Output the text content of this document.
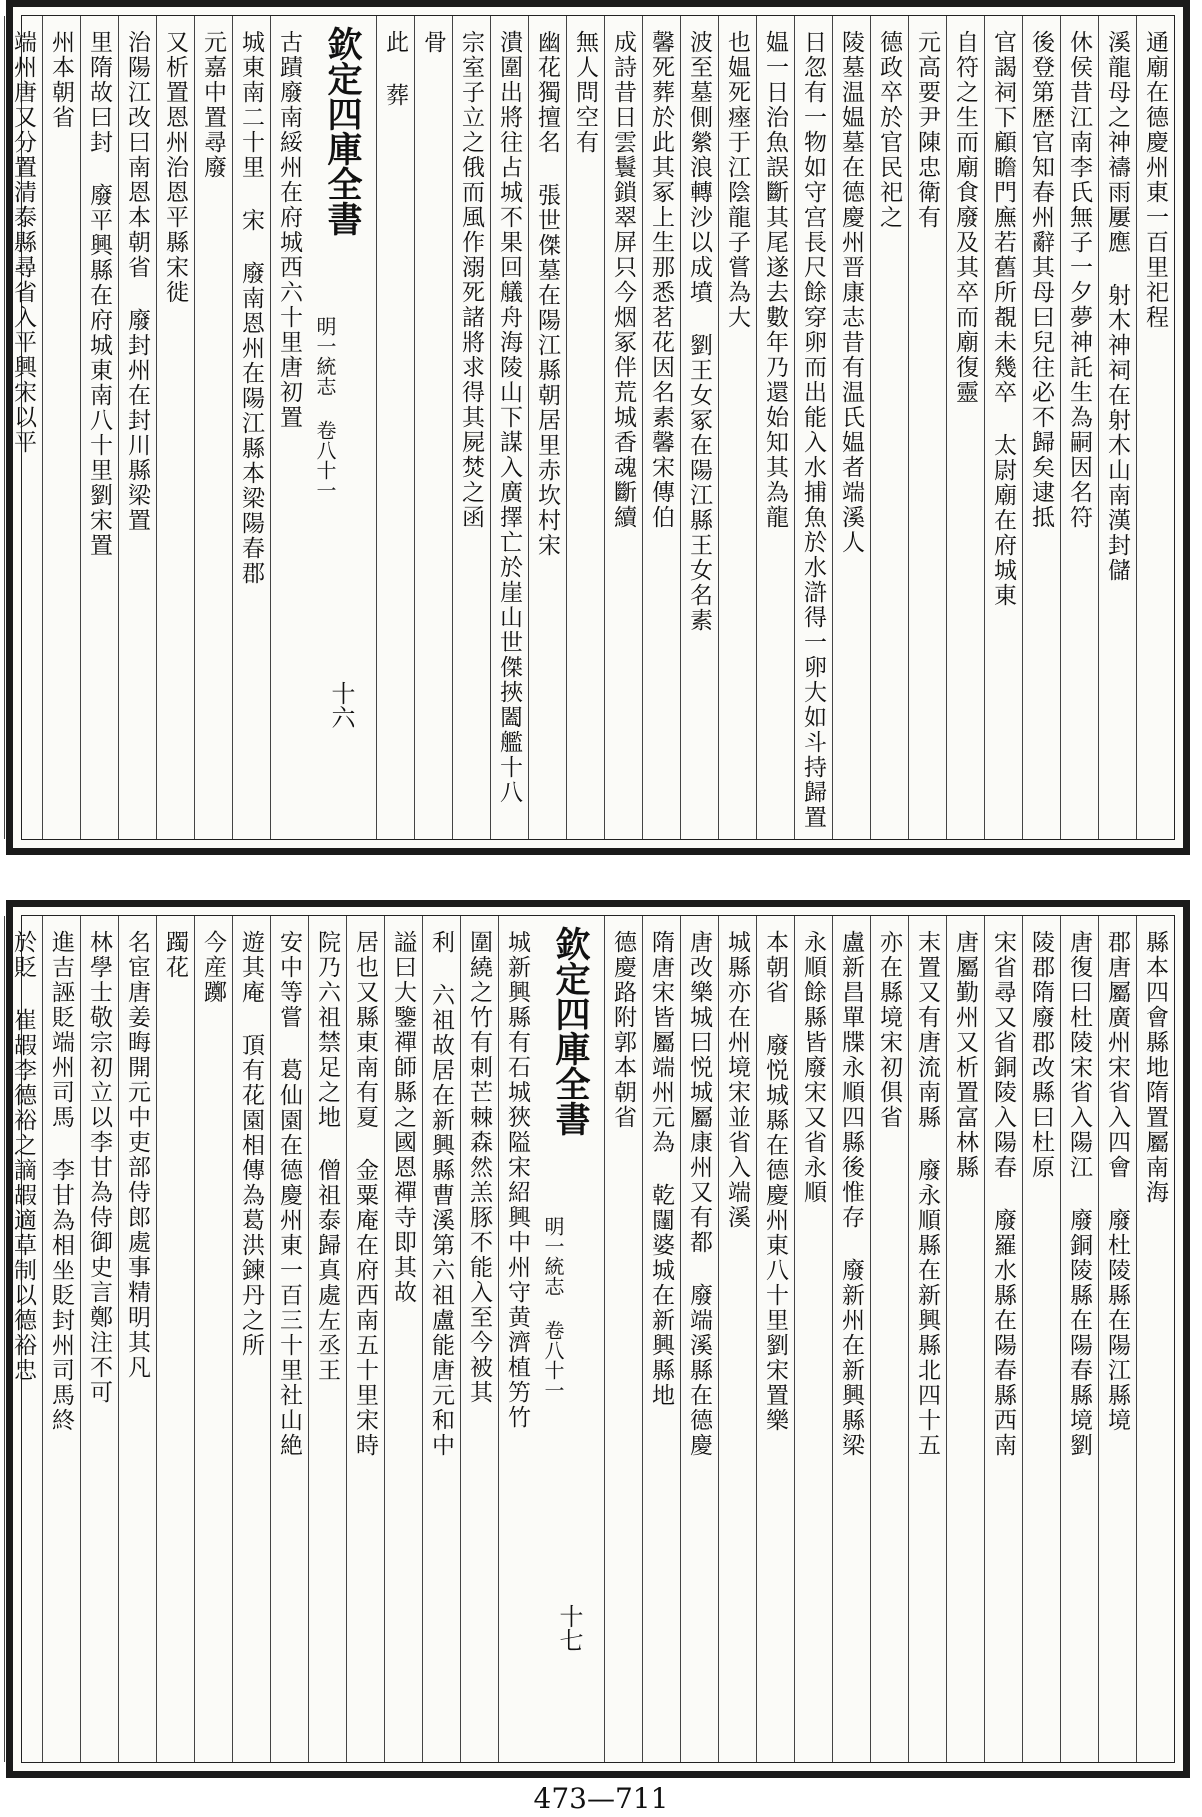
通廟在德慶州東一百里祀程
溪龍母之神禱雨屢應 射木神祠在射木山南漢封儲
休侯昔江南李氏無子一夕夢神託生為嗣因名符
後登第歴官知春州辭其母曰兒往必不歸矣逮抵
官謁祠下顧瞻門廡若舊所覩未幾卒 太尉廟在府城東
自符之生而廟食廢及其卒而廟復靈
元高要尹陳忠衛有
德政卒於官民祀之
陵墓温媪墓在德慶州晋康志昔有温氏媪者端溪人
日忽有一物如守宫長尺餘穿卵而出能入水捕魚於水滸得一卵大如斗持歸置
媪一日治魚誤斷其尾遂去數年乃還始知其為龍
也媪死瘞于江陰龍子嘗為大
波至墓側縈浪轉沙以成墳 劉王女冢在陽江縣王女名素
馨死葬於此其冢上生那悉茗花因名素馨宋傳伯
成詩昔日雲鬟鎖翠屏只今烟冢伴荒城香魂斷續
無人問空有
幽花獨擅名 張世傑墓在陽江縣朝居里赤坎村宋
潰圍出將往占城不果回艤舟海陵山下謀入廣擇亡於崖山世傑挾闔艦十八
宗室子立之俄而風作溺死諸將求得其屍焚之函
骨
此 葬
欽定四庫全書
明一統志 卷八十一
十六
古蹟廢南綏州在府城西六十里唐初置
城東南二十里 宋 廢南恩州在陽江縣本梁陽春郡
元嘉中置尋廢
又析置恩州治恩平縣宋徙
治陽江改曰南恩本朝省 廢封州在封川縣梁置
里隋故曰封 廢平興縣在府城東南八十里劉宋置
州本朝省
端州唐又分置清泰縣尋省入平興宋以平
縣本四會縣地隋置屬南海
郡唐屬廣州宋省入四會 廢杜陵縣在陽江縣境
唐復曰杜陵宋省入陽江 廢銅陵縣在陽春縣境劉
陵郡隋廢郡改縣曰杜原
宋省尋又省銅陵入陽春 廢羅水縣在陽春縣西南
唐屬勤州又析置富林縣
末置又有唐流南縣 廢永順縣在新興縣北四十五
亦在縣境宋初俱省
盧新昌單牒永順四縣後惟存 廢新州在新興縣梁
永順餘縣皆廢宋又省永順
本朝省 廢悦城縣在德慶州東八十里劉宋置樂
城縣亦在州境宋並省入端溪
唐改樂城曰悦城屬康州又有都 廢端溪縣在德慶
隋唐宋皆屬端州元為 乾闥婆城在新興縣地
德慶路附郭本朝省
欽定四庫全書
明一統志 卷八十一
十七
城新興縣有石城狹隘宋紹興中州守黄濟植竻竹
圍繞之竹有刺芒棘森然羔豚不能入至今被其
利 六祖故居在新興縣曹溪第六祖盧能唐元和中
謚曰大鑒禪師縣之國恩禪寺即其故
居也又縣東南有夏 金粟庵在府西南五十里宋時
院乃六祖禁足之地 僧祖泰歸真處左丞王
安中等嘗 葛仙園在德慶州東一百三十里社山絶
遊其庵 頂有花園相傳為葛洪鍊丹之所
今産躑
躅花
名宦唐姜晦開元中吏部侍郎處事精明其凡
林學士敬宗初立以李甘為侍御史言鄭注不可
進吉誣貶端州司馬 李甘為相坐貶封州司馬終
於貶 崔嘏李德裕之謫嘏適草制以德裕忠
473—711
